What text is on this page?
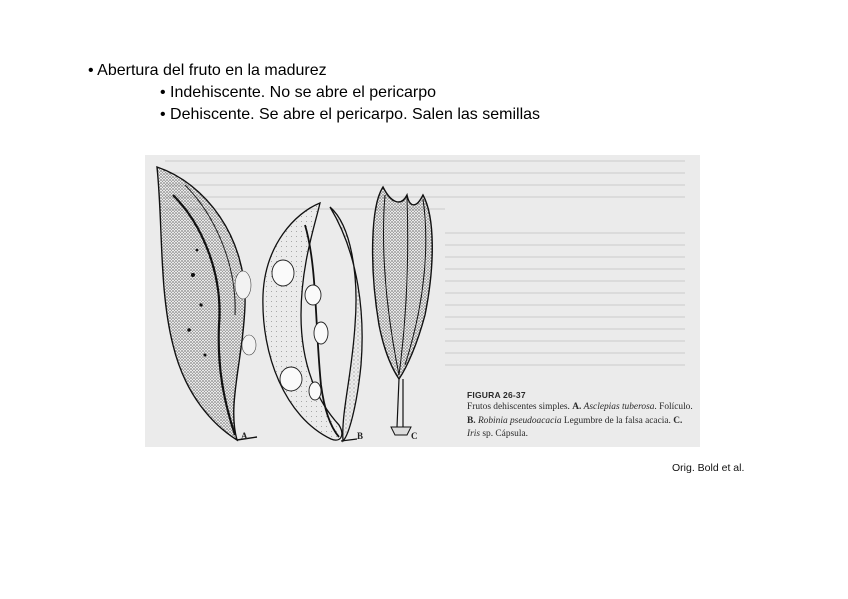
• Abertura del fruto en la madurez
• Indehiscente. No se abre el pericarpo
• Dehiscente. Se abre el pericarpo. Salen las semillas
A	B	C
FIGURA 26-37
Frutos dehiscentes simples. A. Asclepias tuberosa. Folículo. B. Robinia pseudoacacia Legumbre de la falsa acacia. C. Iris sp. Cápsula.
Orig. Bold et al.
